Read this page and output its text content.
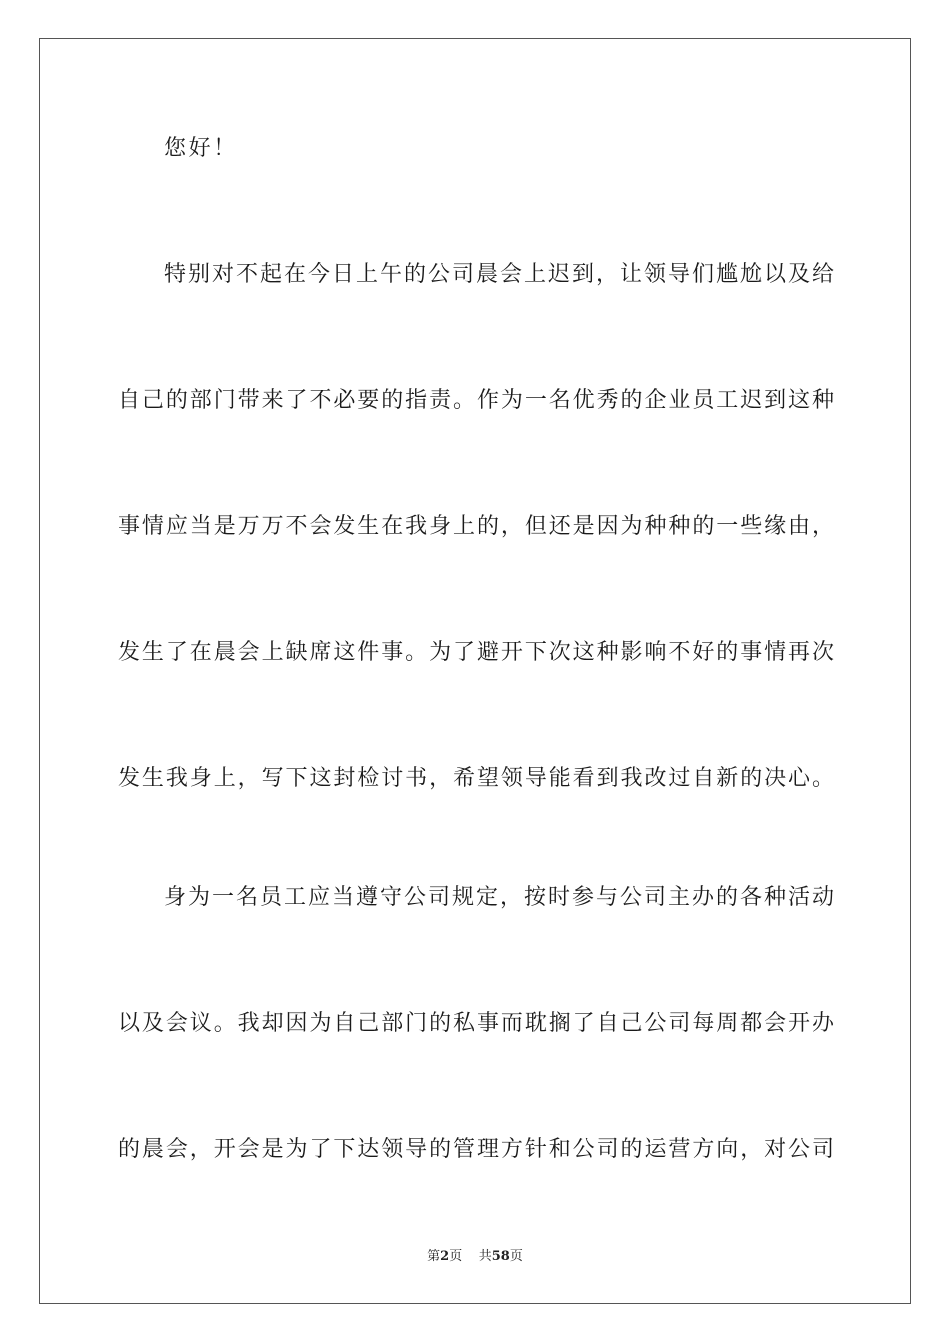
您好！
特别对不起在今日上午的公司晨会上迟到，让领导们尴尬以及给
自己的部门带来了不必要的指责。作为一名优秀的企业员工迟到这种
事情应当是万万不会发生在我身上的，但还是因为种种的一些缘由，
发生了在晨会上缺席这件事。为了避开下次这种影响不好的事情再次
发生我身上，写下这封检讨书，希望领导能看到我改过自新的决心。
身为一名员工应当遵守公司规定，按时参与公司主办的各种活动
以及会议。我却因为自己部门的私事而耽搁了自己公司每周都会开办
的晨会，开会是为了下达领导的管理方针和公司的运营方向，对公司
第2页 共58页
